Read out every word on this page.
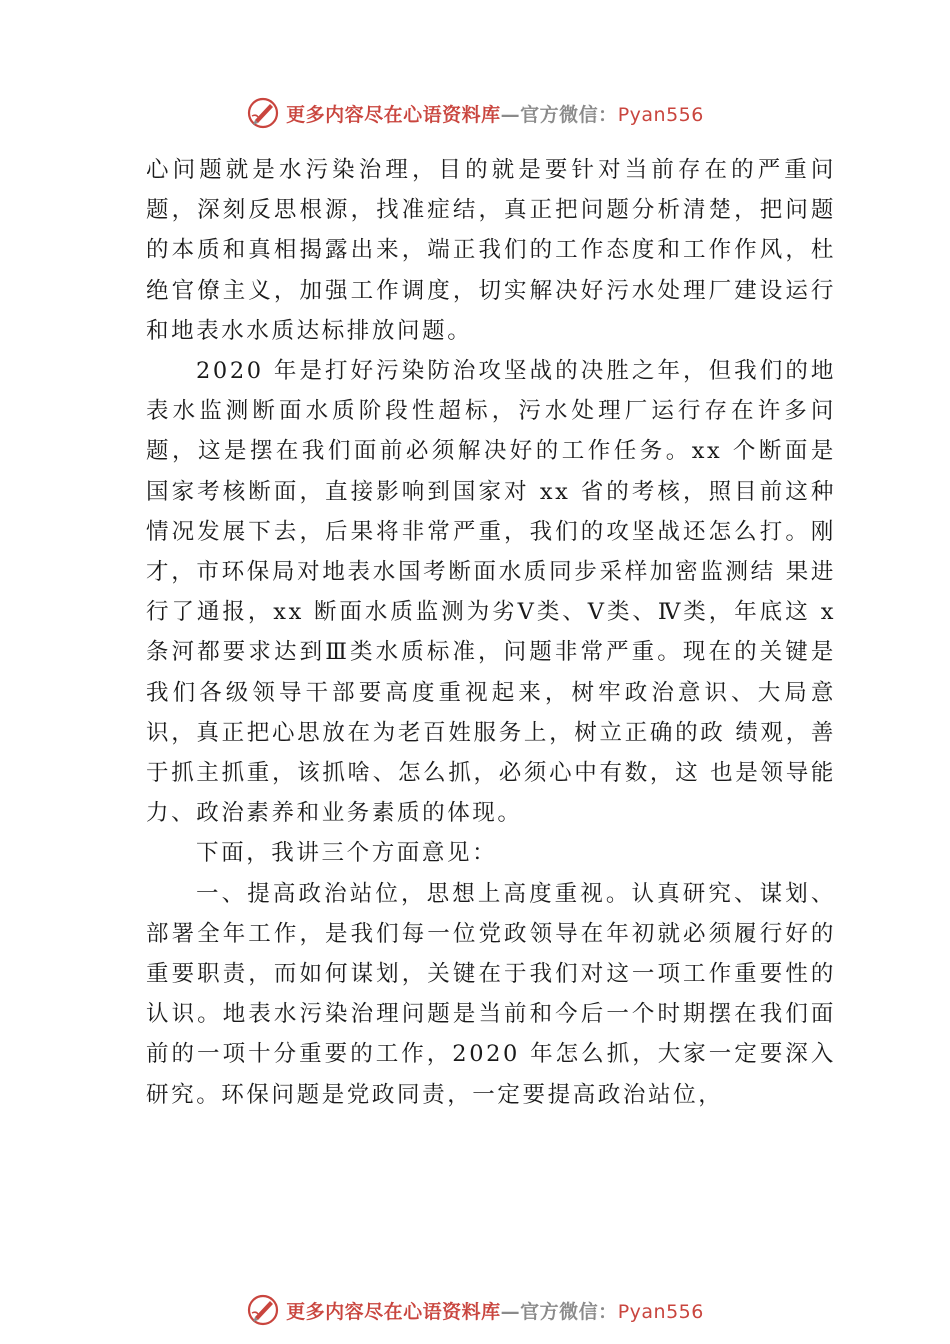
更多内容尽在心语资料库—官方微信：Pyan556

心问题就是水污染治理，目的就是要针对当前存在的严重问题，深刻反思根源，找准症结，真正把问题分析清楚，把问题的本质和真相揭露出来，端正我们的工作态度和工作作风，杜绝官僚主义，加强工作调度，切实解决好污水处理厂建设运行和地表水水质达标排放问题。

2020 年是打好污染防治攻坚战的决胜之年，但我们的地表水监测断面水质阶段性超标，污水处理厂运行存在许多问 题，这是摆在我们面前必须解决好的工作任务。xx 个断面是国家考核断面，直接影响到国家对 xx 省的考核，照目前这种情况发展下去，后果将非常严重，我们的攻坚战还怎么打。刚才，市环保局对地表水国考断面水质同步采样加密监测结 果进行了通报，xx 断面水质监测为劣Ⅴ类、Ⅴ类、Ⅳ类，年底这 x 条河都要求达到Ⅲ类水质标准，问题非常严重。现在的关键是我们各级领导干部要高度重视起来，树牢政治意识、大局意识，真正把心思放在为老百姓服务上，树立正确的政 绩观，善于抓主抓重，该抓啥、怎么抓，必须心中有数，这 也是领导能力、政治素养和业务素质的体现。

下面，我讲三个方面意见：

一、提高政治站位，思想上高度重视。认真研究、谋划、部署全年工作，是我们每一位党政领导在年初就必须履行好的重要职责，而如何谋划，关键在于我们对这一项工作重要性的认识。地表水污染治理问题是当前和今后一个时期摆在我们面前的一项十分重要的工作，2020 年怎么抓，大家一定要深入研究。环保问题是党政同责，一定要提高政治站位，

更多内容尽在心语资料库—官方微信：Pyan556
